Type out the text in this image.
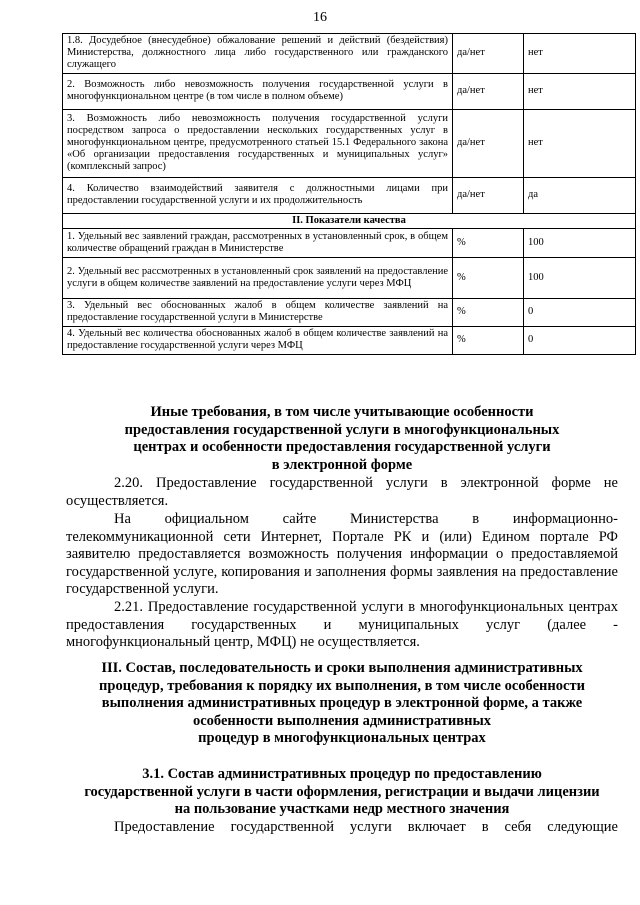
16
1.8. Досудебное (внесудебное) обжалование решений и действий (бездействия) Министерства, должностного лица либо государственного или гражданского служащего	да/нет	нет
2. Возможность либо невозможность получения государственной услуги в многофункциональном центре (в том числе в полном объеме)	да/нет	нет
3. Возможность либо невозможность получения государственной услуги посредством запроса о предоставлении нескольких государственных услуг в многофункциональном центре, предусмотренного статьей 15.1 Федерального закона «Об организации предоставления государственных и муниципальных услуг» (комплексный запрос)	да/нет	нет
4. Количество взаимодействий заявителя с должностными лицами при предоставлении государственной услуги и их продолжительность	да/нет	да
II. Показатели качества		
1. Удельный вес заявлений граждан, рассмотренных в установленный срок, в общем количестве обращений граждан в Министерстве	%	100
2. Удельный вес рассмотренных в установленный срок заявлений на предоставление услуги в общем количестве заявлений на предоставление услуги через МФЦ	%	100
3. Удельный вес обоснованных жалоб в общем количестве заявлений на предоставление государственной услуги в Министерстве	%	0
4. Удельный вес количества обоснованных жалоб в общем количестве заявлений на предоставление государственной услуги через МФЦ	%	0
Иные требования, в том числе учитывающие особенности
предоставления государственной услуги в многофункциональных
центрах и особенности предоставления государственной услуги
в электронной форме
2.20. Предоставление государственной услуги в электронной форме не осуществляется.
На официальном сайте Министерства в информационно-
телекоммуникационной сети Интернет, Портале РК и (или) Едином портале РФ заявителю предоставляется возможность получения информации о предоставляемой государственной услуге, копирования и заполнения формы заявления на предоставление государственной услуги.
2.21. Предоставление государственной услуги в многофункциональных центрах предоставления государственных и муниципальных услуг (далее - многофункциональный центр, МФЦ) не осуществляется.
III. Состав, последовательность и сроки выполнения административных
процедур, требования к порядку их выполнения, в том числе особенности
выполнения административных процедур в электронной форме, а также
особенности выполнения административных
процедур в многофункциональных центрах
3.1. Состав административных процедур по предоставлению
государственной услуги в части оформления, регистрации и выдачи лицензии
на пользование участками недр местного значения
Предоставление государственной услуги включает в себя следующие
